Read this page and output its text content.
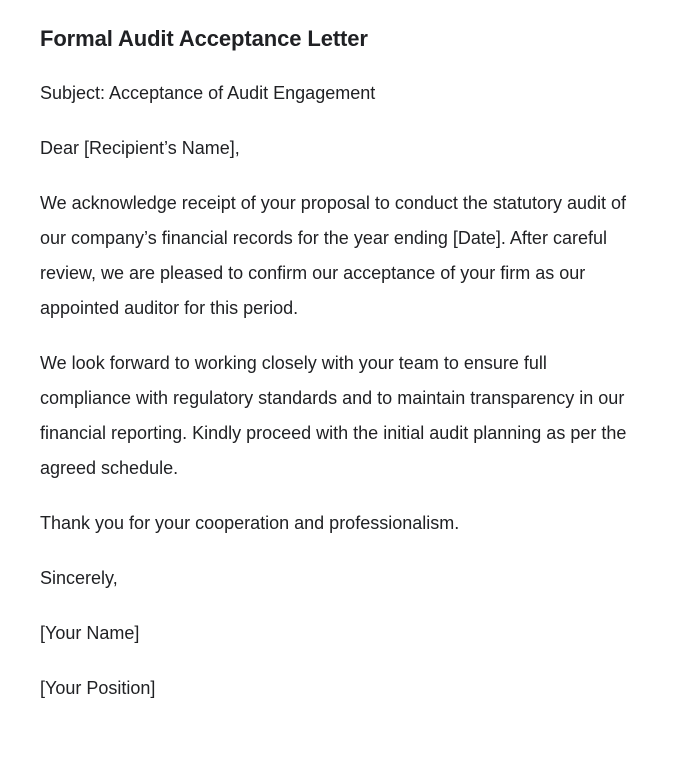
Formal Audit Acceptance Letter

Subject: Acceptance of Audit Engagement

Dear [Recipient’s Name],

We acknowledge receipt of your proposal to conduct the statutory audit of our company’s financial records for the year ending [Date]. After careful review, we are pleased to confirm our acceptance of your firm as our appointed auditor for this period.

We look forward to working closely with your team to ensure full compliance with regulatory standards and to maintain transparency in our financial reporting. Kindly proceed with the initial audit planning as per the agreed schedule.

Thank you for your cooperation and professionalism.

Sincerely,

[Your Name]

[Your Position]
